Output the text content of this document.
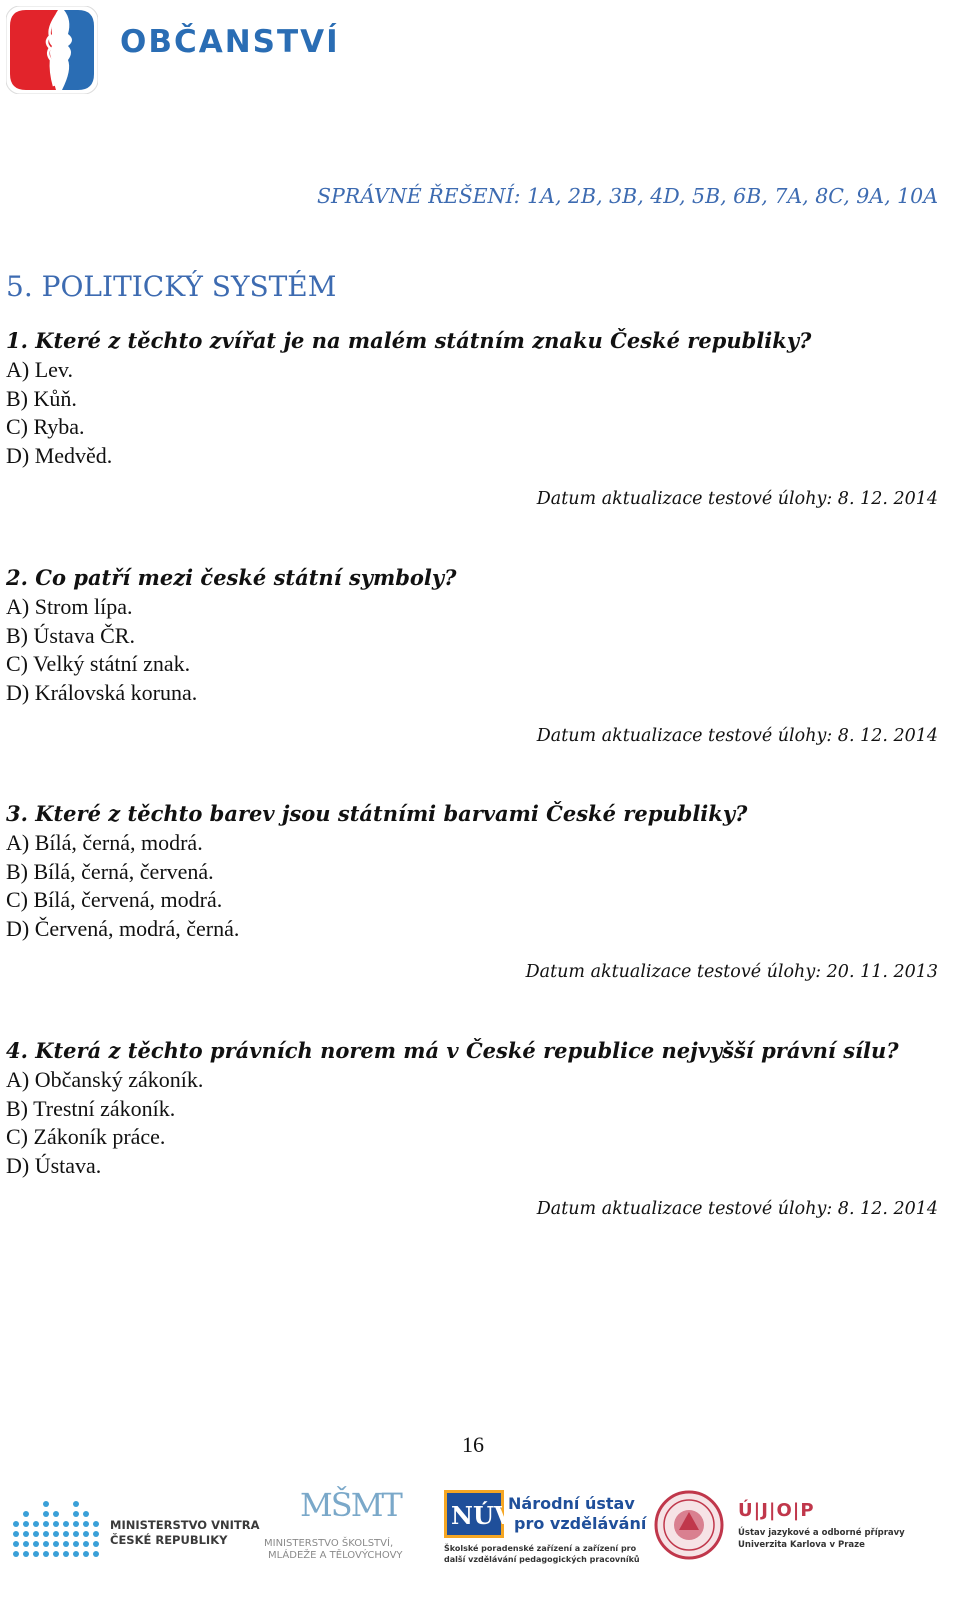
OBČANSTVÍ
SPRÁVNÉ ŘEŠENÍ: 1A, 2B, 3B, 4D, 5B, 6B, 7A, 8C, 9A, 10A
5. POLITICKÝ SYSTÉM
1. Které z těchto zvířat je na malém státním znaku České republiky?
A) Lev.
B) Kůň.
C) Ryba.
D) Medvěd.
Datum aktualizace testové úlohy: 8. 12. 2014
2. Co patří mezi české státní symboly?
A) Strom lípa.
B) Ústava ČR.
C) Velký státní znak.
D) Královská koruna.
Datum aktualizace testové úlohy: 8. 12. 2014
3. Které z těchto barev jsou státními barvami České republiky?
A) Bílá, černá, modrá.
B) Bílá, černá, červená.
C) Bílá, červená, modrá.
D) Červená, modrá, černá.
Datum aktualizace testové úlohy: 20. 11. 2013
4. Která z těchto právních norem má v České republice nejvyšší právní sílu?
A) Občanský zákoník.
B) Trestní zákoník.
C) Zákoník práce.
D) Ústava.
Datum aktualizace testové úlohy: 8. 12. 2014
16
MINISTERSTVO VNITRA
ČESKÉ REPUBLIKY
MŠMT
MINISTERSTVO ŠKOLSTVÍ,
MLÁDEŽE A TĚLOVÝCHOVY
NÚV
Národní ústav
pro vzdělávání
Školské poradenské zařízení a zařízení pro
další vzdělávání pedagogických pracovníků
Ú|J|O|P
Ústav jazykové a odborné přípravy
Univerzita Karlova v Praze
